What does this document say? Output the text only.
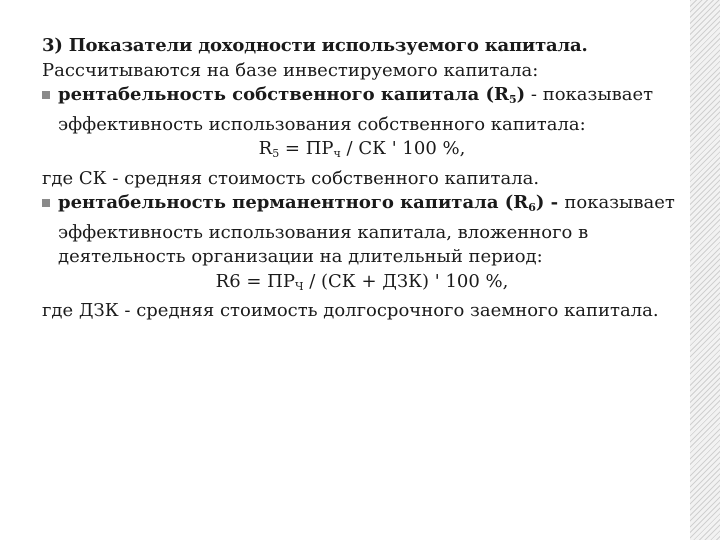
3) Показатели доходности используемого капитала.
Рассчитываются на базе инвестируемого капитала:
рентабельность собственного капитала $(R_5)$ - показывает
эффективность использования собственного капитала:
$R_5 = ПР_ч$ / СК ' 100 %,
где СК - средняя стоимость собственного капитала.
рентабельность перманентного капитала $(R_6)$ - показывает
эффективность использования капитала, вложенного в
деятельность организации на длительный период:
$R6 = ПР_Ч / (СК + ДЗК)$ ' 100 %,
где ДЗК - средняя стоимость долгосрочного заемного капитала.
